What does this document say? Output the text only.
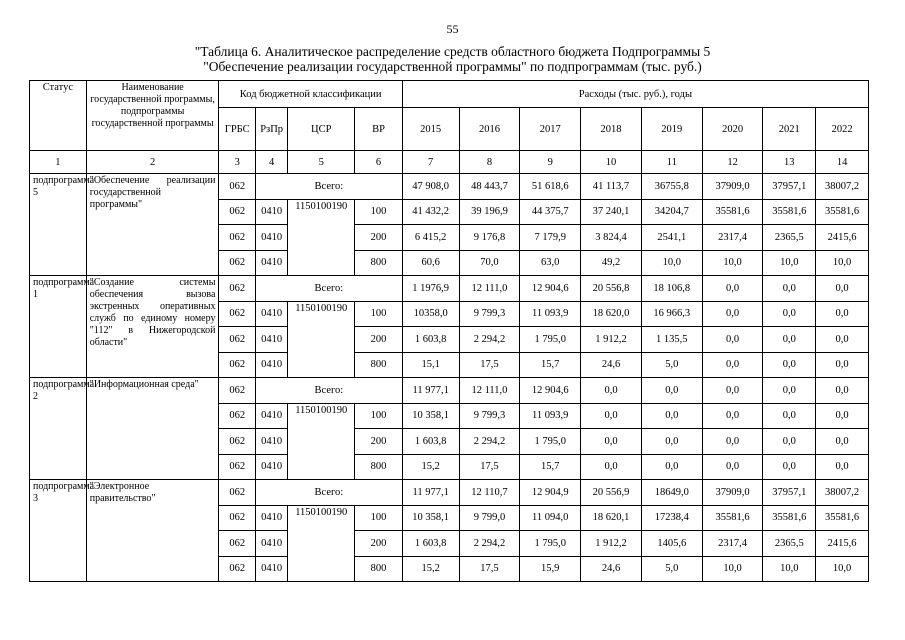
55
"Таблица 6. Аналитическое распределение средств областного бюджета Подпрограммы 5
"Обеспечение реализации государственной программы" по подпрограммам (тыс. руб.)
Статус	Наименование государственной программы, подпрограммы государственной программы	Код бюджетной классификации				Расходы (тыс. руб.), годы							
		ГРБС	РзПр	ЦСР	ВР	2015	2016	2017	2018	2019	2020	2021	2022
1	2	3	4	5	6	7	8	9	10	11	12	13	14
подпрограмма 5	"Обеспечение реализации государственной программы"	062	Всего:			47 908,0	48 443,7	51 618,6	41 113,7	36755,8	37909,0	37957,1	38007,2
		062	0410	1150100190	100	41 432,2	39 196,9	44 375,7	37 240,1	34204,7	35581,6	35581,6	35581,6
		062	0410		200	6 415,2	9 176,8	7 179,9	3 824,4	2541,1	2317,4	2365,5	2415,6
		062	0410		800	60,6	70,0	63,0	49,2	10,0	10,0	10,0	10,0
подпрограмма 1	"Создание системы обеспечения вызова экстренных оперативных служб по единому номеру "112" в Нижегородской области"	062	Всего:			1 1976,9	12 111,0	12 904,6	20 556,8	18 106,8	0,0	0,0	0,0
		062	0410	1150100190	100	10358,0	9 799,3	11 093,9	18 620,0	16 966,3	0,0	0,0	0,0
		062	0410		200	1 603,8	2 294,2	1 795,0	1 912,2	1 135,5	0,0	0,0	0,0
		062	0410		800	15,1	17,5	15,7	24,6	5,0	0,0	0,0	0,0
подпрограмма 2	"Информационная среда"	062	Всего:			11 977,1	12 111,0	12 904,6	0,0	0,0	0,0	0,0	0,0
		062	0410	1150100190	100	10 358,1	9 799,3	11 093,9	0,0	0,0	0,0	0,0	0,0
		062	0410		200	1 603,8	2 294,2	1 795,0	0,0	0,0	0,0	0,0	0,0
		062	0410		800	15,2	17,5	15,7	0,0	0,0	0,0	0,0	0,0
подпрограмма 3	"Электронное правительство"	062	Всего:			11 977,1	12 110,7	12 904,9	20 556,9	18649,0	37909,0	37957,1	38007,2
		062	0410	1150100190	100	10 358,1	9 799,0	11 094,0	18 620,1	17238,4	35581,6	35581,6	35581,6
		062	0410		200	1 603,8	2 294,2	1 795,0	1 912,2	1405,6	2317,4	2365,5	2415,6
		062	0410		800	15,2	17,5	15,9	24,6	5,0	10,0	10,0	10,0
